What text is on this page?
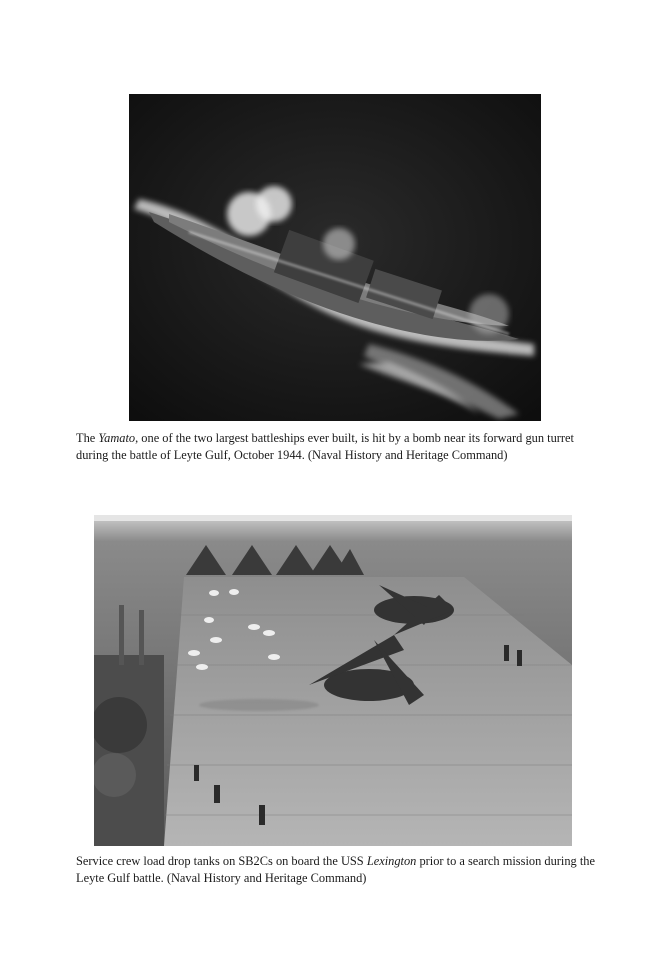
The Yamato, one of the two largest battleships ever built, is hit by a bomb near its forward gun turret during the battle of Leyte Gulf, October 1944. (Naval History and Heritage Command)

Service crew load drop tanks on SB2Cs on board the USS Lexington prior to a search mission during the Leyte Gulf battle. (Naval History and Heritage Command)
